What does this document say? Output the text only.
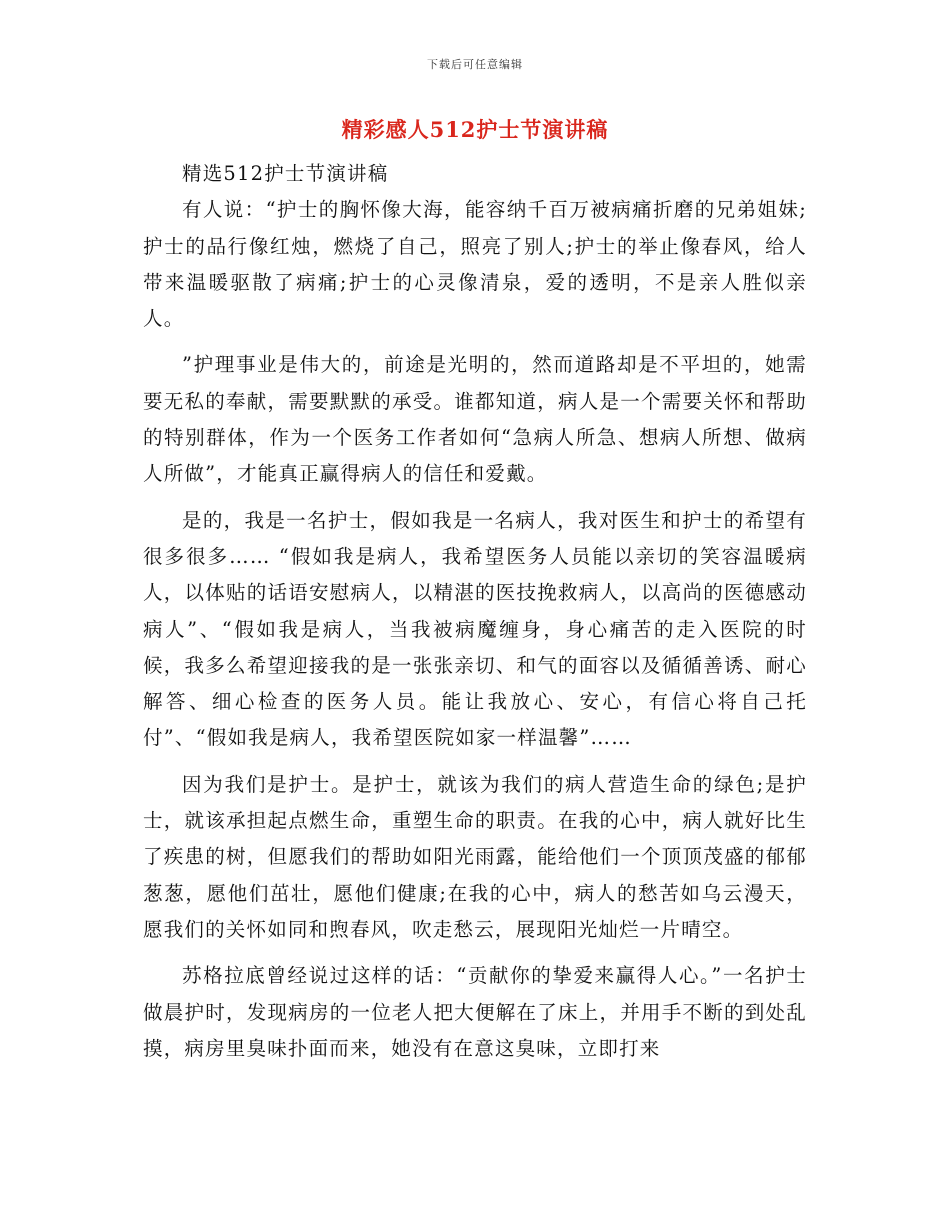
下载后可任意编辑
精彩感人512护士节演讲稿

精选512护士节演讲稿

有人说：“护士的胸怀像大海，能容纳千百万被病痛折磨的兄弟姐妹;护士的品行像红烛，燃烧了自己，照亮了别人;护士的举止像春风，给人带来温暖驱散了病痛;护士的心灵像清泉，爱的透明，不是亲人胜似亲人。

”护理事业是伟大的，前途是光明的，然而道路却是不平坦的，她需要无私的奉献，需要默默的承受。谁都知道，病人是一个需要关怀和帮助的特别群体，作为一个医务工作者如何“急病人所急、想病人所想、做病人所做”，才能真正赢得病人的信任和爱戴。

是的，我是一名护士，假如我是一名病人，我对医生和护士的希望有很多很多…… “假如我是病人，我希望医务人员能以亲切的笑容温暖病人，以体贴的话语安慰病人，以精湛的医技挽救病人，以高尚的医德感动病人”、“假如我是病人，当我被病魔缠身，身心痛苦的走入医院的时候，我多么希望迎接我的是一张张亲切、和气的面容以及循循善诱、耐心解答、细心检查的医务人员。能让我放心、安心，有信心将自己托付”、“假如我是病人，我希望医院如家一样温馨”……

因为我们是护士。是护士，就该为我们的病人营造生命的绿色;是护士，就该承担起点燃生命，重塑生命的职责。在我的心中，病人就好比生了疾患的树，但愿我们的帮助如阳光雨露，能给他们一个顶顶茂盛的郁郁葱葱，愿他们茁壮，愿他们健康;在我的心中，病人的愁苦如乌云漫天，愿我们的关怀如同和煦春风，吹走愁云，展现阳光灿烂一片晴空。

苏格拉底曾经说过这样的话：“贡献你的挚爱来赢得人心。”一名护士做晨护时，发现病房的一位老人把大便解在了床上，并用手不断的到处乱摸，病房里臭味扑面而来，她没有在意这臭味，立即打来
